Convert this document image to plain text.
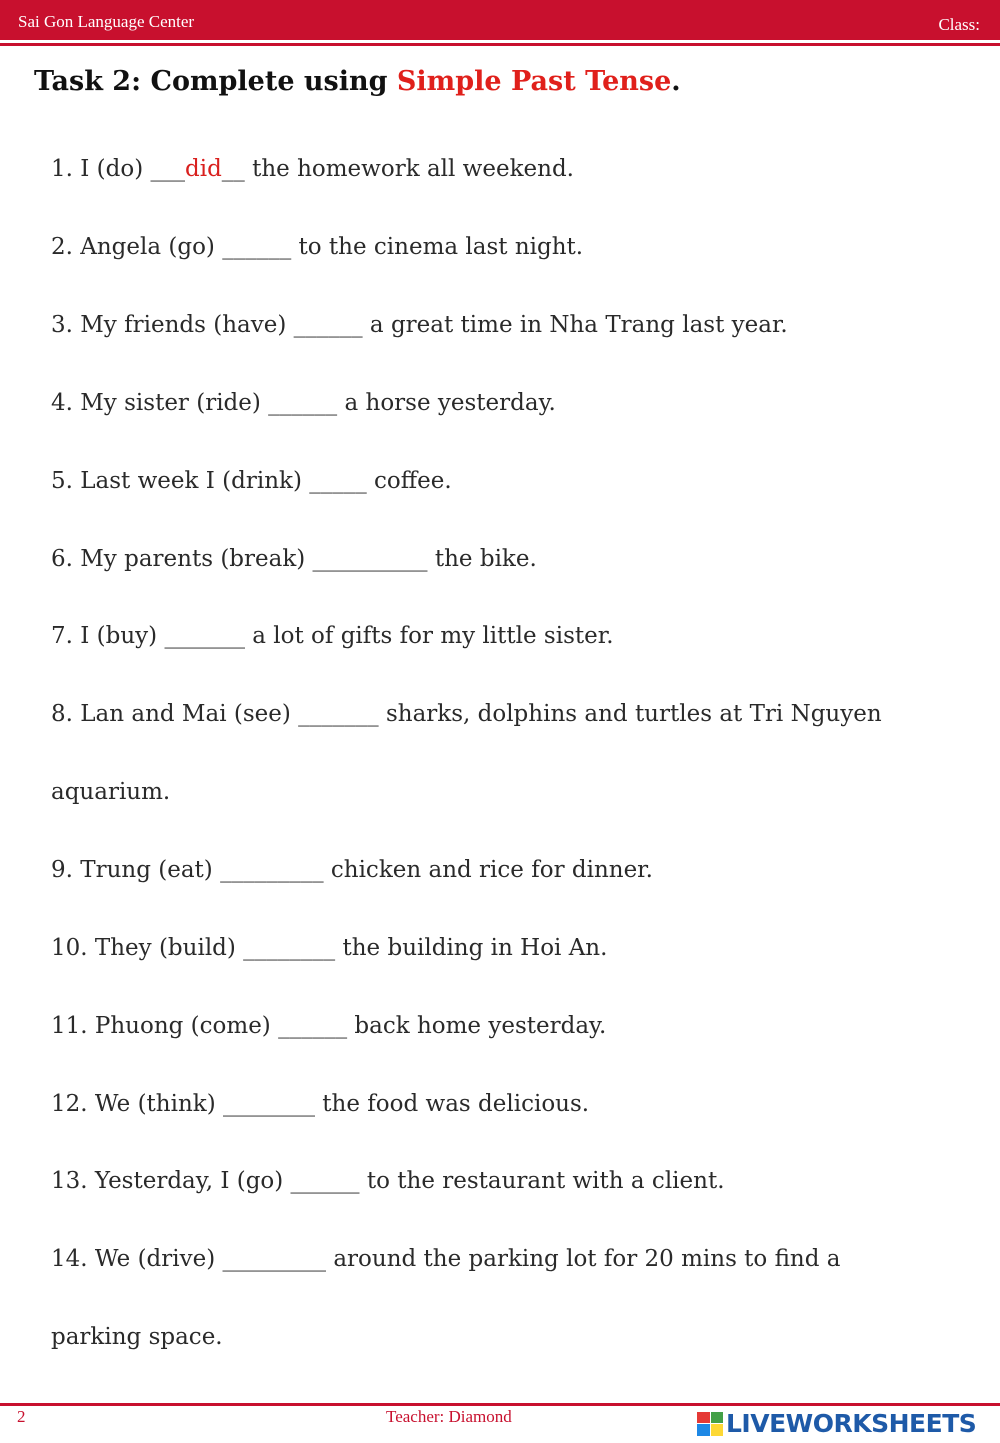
Sai Gon Language Center	Class:
Task 2: Complete using Simple Past Tense.
1. I (do) ___did__ the homework all weekend.
2. Angela (go) ______ to the cinema last night.
3. My friends (have) ______ a great time in Nha Trang last year.
4. My sister (ride) ______ a horse yesterday.
5. Last week I (drink) _____ coffee.
6. My parents (break) __________ the bike.
7. I (buy) _______ a lot of gifts for my little sister.
8. Lan and Mai (see) _______ sharks, dolphins and turtles at Tri Nguyen
aquarium.
9. Trung (eat) _________ chicken and rice for dinner.
10. They (build) ________ the building in Hoi An.
11. Phuong (come) ______ back home yesterday.
12. We (think) ________ the food was delicious.
13. Yesterday, I (go) ______ to the restaurant with a client.
14. We (drive) _________ around the parking lot for 20 mins to find a
parking space.
2	Teacher: Diamond	LIVEWORKSHEETS
